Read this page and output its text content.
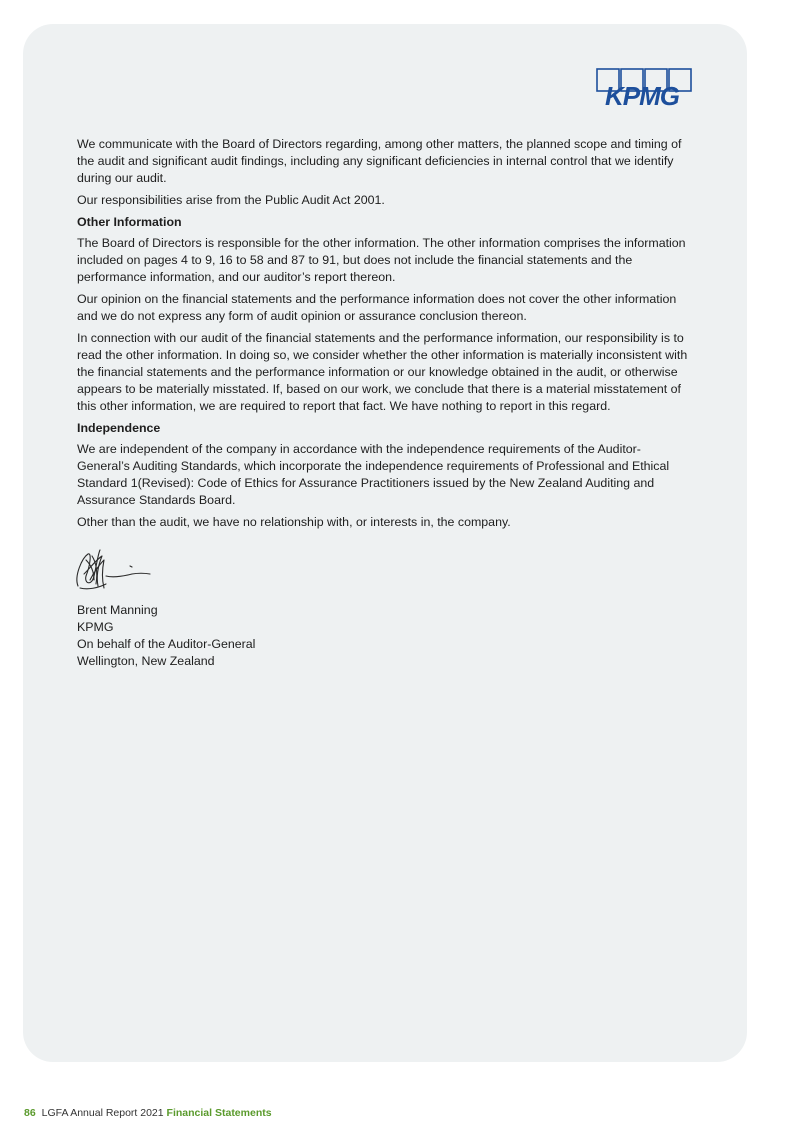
KPMG

We communicate with the Board of Directors regarding, among other matters, the planned scope and timing of the audit and significant audit findings, including any significant deficiencies in internal control that we identify during our audit.

Our responsibilities arise from the Public Audit Act 2001.

Other Information

The Board of Directors is responsible for the other information. The other information comprises the information included on pages 4 to 9, 16 to 58 and 87 to 91, but does not include the financial statements and the performance information, and our auditor’s report thereon.

Our opinion on the financial statements and the performance information does not cover the other information and we do not express any form of audit opinion or assurance conclusion thereon.

In connection with our audit of the financial statements and the performance information, our responsibility is to read the other information. In doing so, we consider whether the other information is materially inconsistent with the financial statements and the performance information or our knowledge obtained in the audit, or otherwise appears to be materially misstated. If, based on our work, we conclude that there is a material misstatement of this other information, we are required to report that fact. We have nothing to report in this regard.

Independence

We are independent of the company in accordance with the independence requirements of the Auditor-General’s Auditing Standards, which incorporate the independence requirements of Professional and Ethical Standard 1(Revised): Code of Ethics for Assurance Practitioners issued by the New Zealand Auditing and Assurance Standards Board.

Other than the audit, we have no relationship with, or interests in, the company.

Brent Manning
KPMG
On behalf of the Auditor-General
Wellington, New Zealand
86 LGFA Annual Report 2021 Financial Statements
